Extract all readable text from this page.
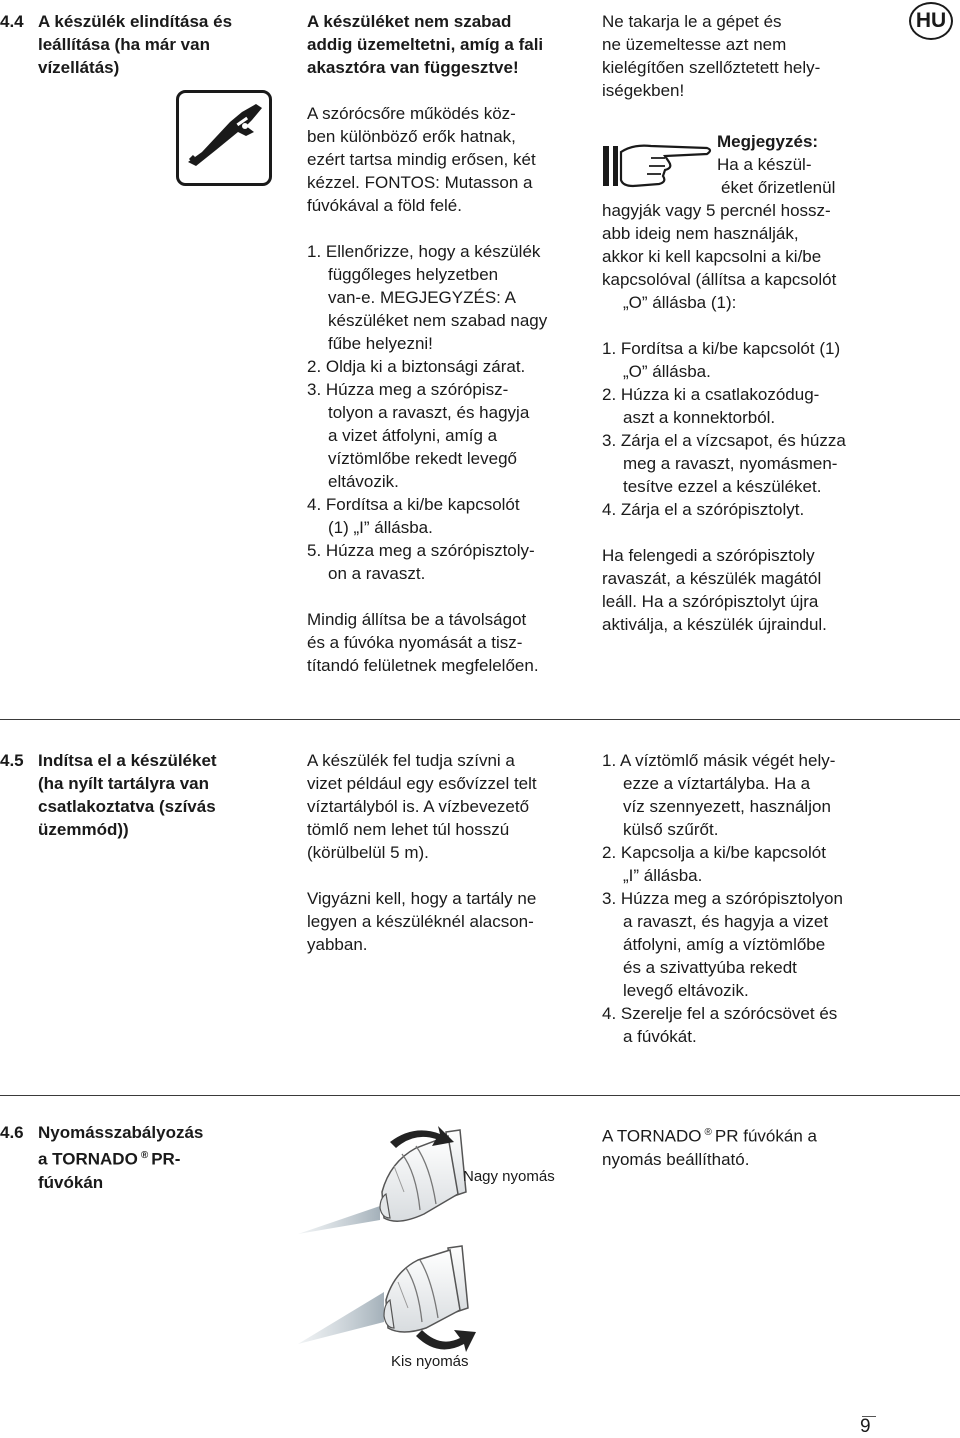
HU
4.4 A készülék elindítása és
leállítása (ha már van
vízellátás)
A készüléket nem szabad
addig üzemeltetni, amíg a fali
akasztóra van függesztve!
A szórócsőre működés köz-
ben különböző erők hatnak,
ezért tartsa mindig erősen, két
kézzel. FONTOS: Mutasson a
fúvókával a föld felé.
1. Ellenőrizze, hogy a készülék
függőleges helyzetben
van-e. MEGJEGYZÉS: A
készüléket nem szabad nagy
fűbe helyezni!
2. Oldja ki a biztonsági zárat.
3. Húzza meg a szórópisz-
tolyon a ravaszt, és hagyja
a vizet átfolyni, amíg a
víztömlőbe rekedt levegő
eltávozik.
4. Fordítsa a ki/be kapcsolót
(1) „I” állásba.
5. Húzza meg a szórópisztoly-
on a ravaszt.
Mindig állítsa be a távolságot
és a fúvóka nyomását a tisz-
títandó felületnek megfelelően.
Ne takarja le a gépet és
ne üzemeltesse azt nem
kielégítően szellőztetett hely-
iségekben!
Megjegyzés:
Ha a készül-
éket őrizetlenül
hagyják vagy 5 percnél hossz-
abb ideig nem használják,
akkor ki kell kapcsolni a ki/be
kapcsolóval (állítsa a kapcsolót
„O” állásba (1):
1. Fordítsa a ki/be kapcsolót (1)
„O” állásba.
2. Húzza ki a csatlakozódug-
aszt a konnektorból.
3. Zárja el a vízcsapot, és húzza
meg a ravaszt, nyomásmen-
tesítve ezzel a készüléket.
4. Zárja el a szórópisztolyt.
Ha felengedi a szórópisztoly
ravaszát, a készülék magától
leáll. Ha a szórópisztolyt újra
aktiválja, a készülék újraindul.
4.5 Indítsa el a készüléket
(ha nyílt tartályra van
csatlakoztatva (szívás
üzemmód))
A készülék fel tudja szívni a
vizet például egy esővízzel telt
víztartályból is. A vízbevezető
tömlő nem lehet túl hosszú
(körülbelül 5 m).
Vigyázni kell, hogy a tartály ne
legyen a készüléknél alacson-
yabban.
1. A víztömlő másik végét hely-
ezze a víztartályba. Ha a
víz szennyezett, használjon
külső szűrőt.
2. Kapcsolja a ki/be kapcsolót
„I” állásba.
3. Húzza meg a szórópisztolyon
a ravaszt, és hagyja a vizet
átfolyni, amíg a víztömlőbe
és a szivattyúba rekedt
levegő eltávozik.
4. Szerelje fel a szórócsövet és
a fúvókát.
4.6 Nyomásszabályozás
a TORNADO ® PR-
fúvókán	Nagy nyomás
Kis nyomás
A TORNADO ® PR fúvókán a
nyomás beállítható.
9
